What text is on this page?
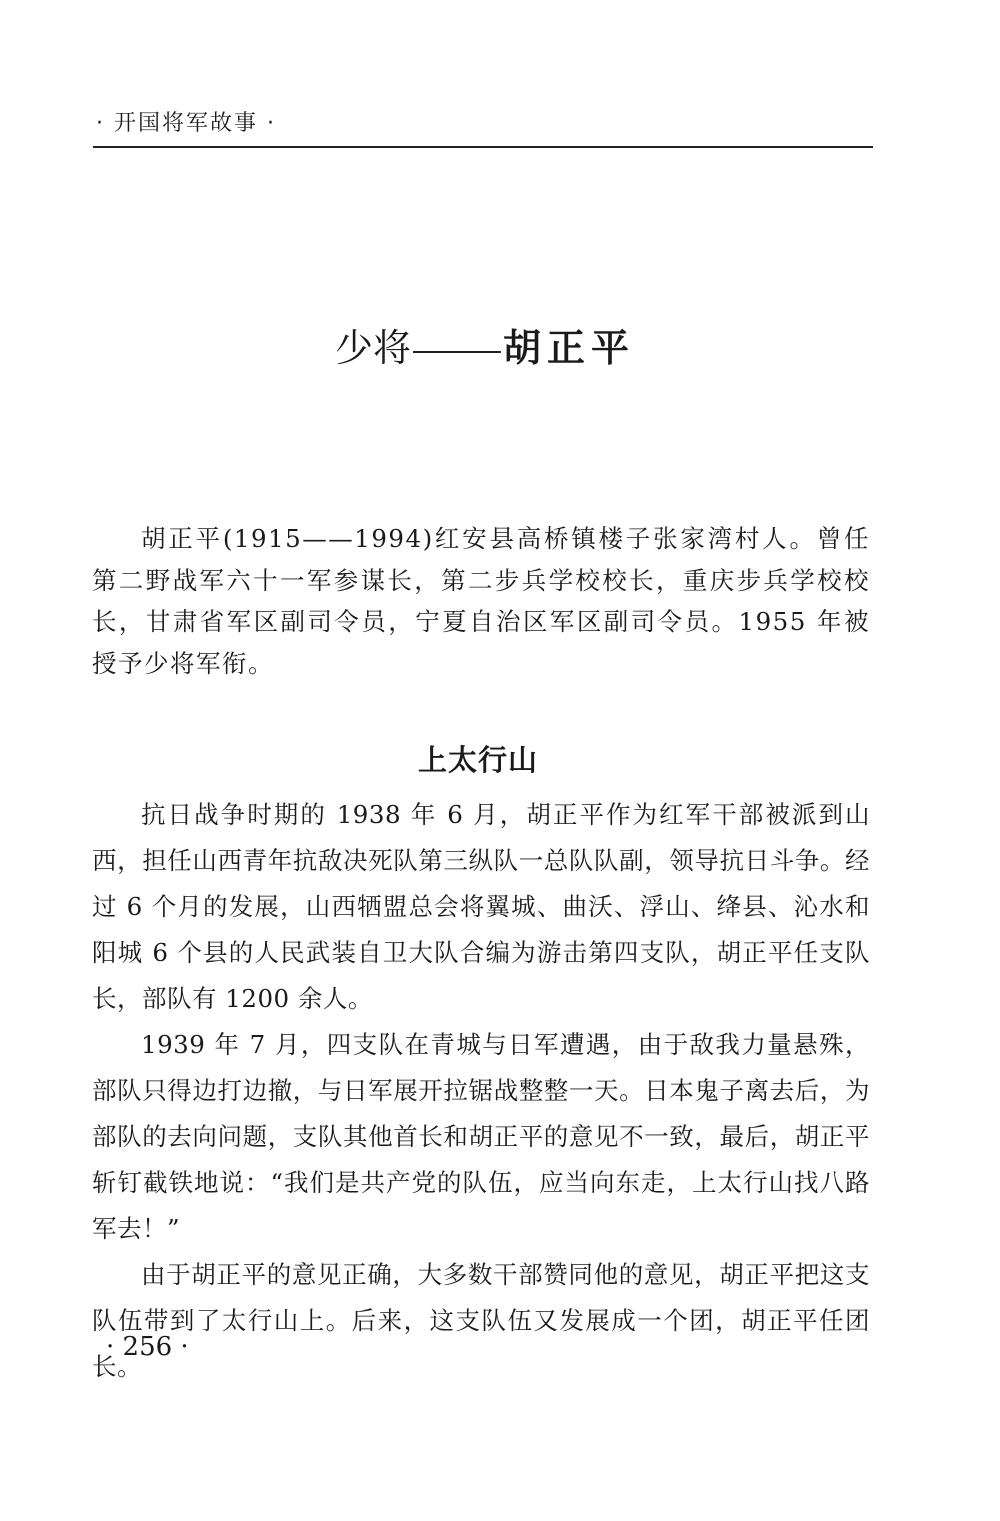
· 开国将军故事 ·
少将 胡正平

胡正平(1915——1994)红安县高桥镇楼子张家湾村人。曾任第二野战军六十一军参谋长，第二步兵学校校长，重庆步兵学校校长，甘肃省军区副司令员，宁夏自治区军区副司令员。1955 年被授予少将军衔。

上太行山

抗日战争时期的 1938 年 6 月，胡正平作为红军干部被派到山西，担任山西青年抗敌决死队第三纵队一总队队副，领导抗日斗争。经过 6 个月的发展，山西牺盟总会将翼城、曲沃、浮山、绛县、沁水和阳城 6 个县的人民武装自卫大队合编为游击第四支队，胡正平任支队长，部队有 1200 余人。

1939 年 7 月，四支队在青城与日军遭遇，由于敌我力量悬殊，部队只得边打边撤，与日军展开拉锯战整整一天。日本鬼子离去后，为部队的去向问题，支队其他首长和胡正平的意见不一致，最后，胡正平斩钉截铁地说：“我们是共产党的队伍，应当向东走，上太行山找八路军去！”

由于胡正平的意见正确，大多数干部赞同他的意见，胡正平把这支队伍带到了太行山上。后来，这支队伍又发展成一个团，胡正平任团长。

· 256 ·
